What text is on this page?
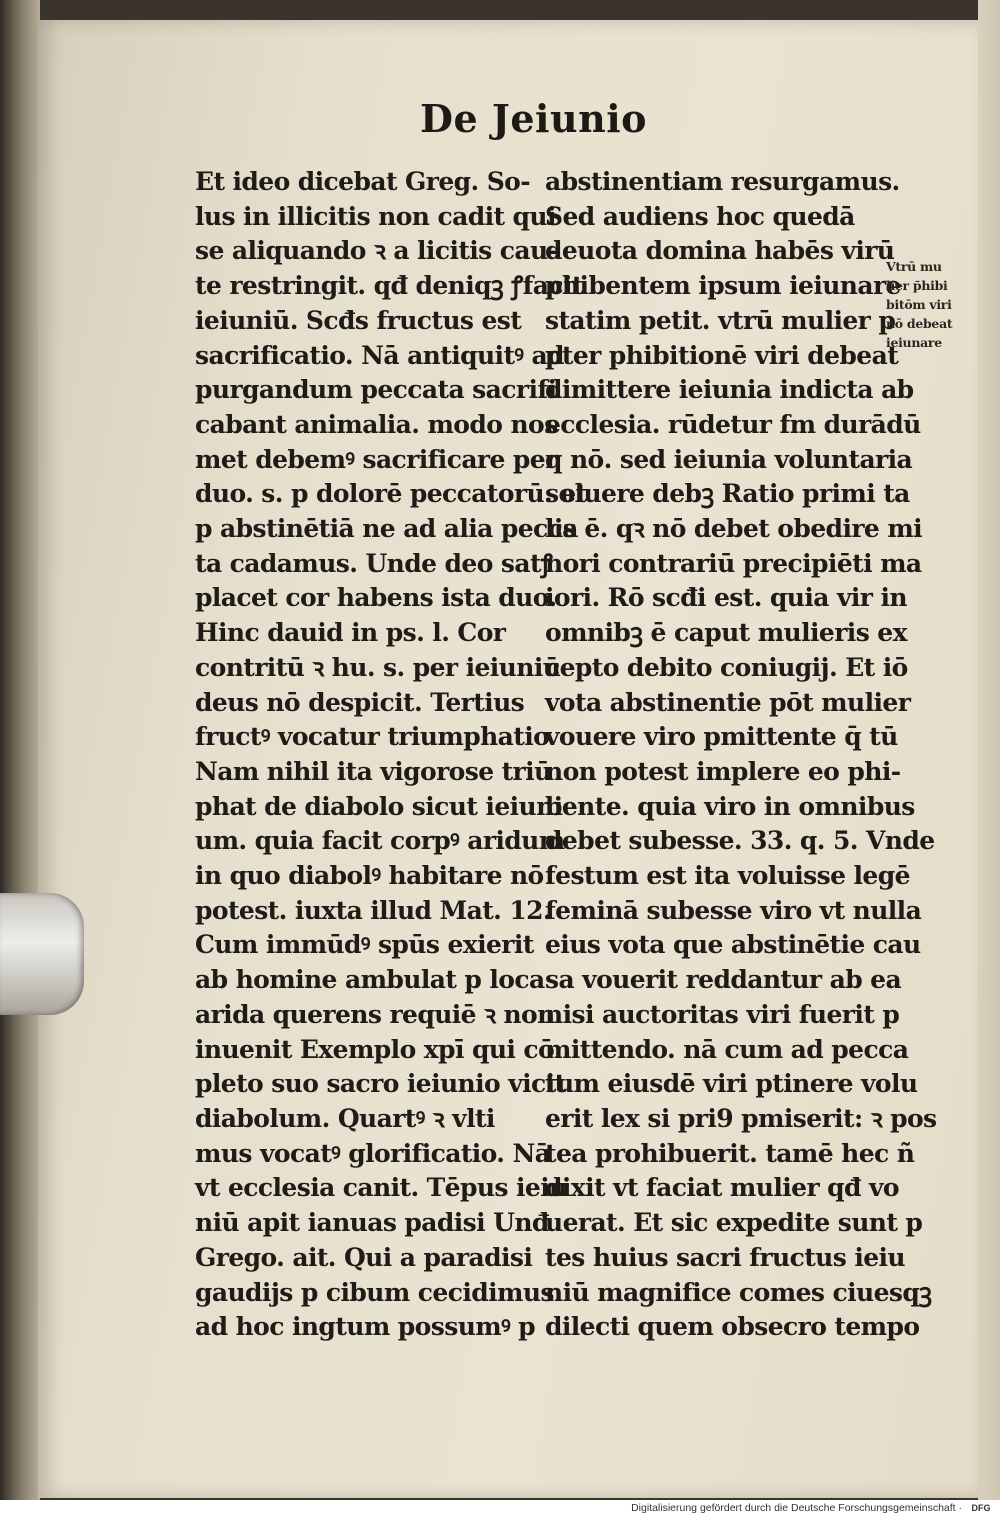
De Jeiunio
Et ideo dicebat Greg. So‑
lus in illicitis non cadit qui
se aliquando ꝛ a licitis cau‑
te restringit. qđ deniqꝫ ꝭfacit
ieiuniū. Scđs fructus est
sacrificatio. Nā antiquitꝰ ad
purgandum peccata sacrifi
cabant animalia. modo nos
met debemꝰ sacrificare per
duo. s. p dolorē peccatorū. et
p abstinētiā ne ad alia pecca
ta cadamus. Unde deo satꝭ
placet cor habens ista duo.
Hinc dauid in ps. l. Cor
contritū ꝛ hu. s. per ieiuniū
deus nō despicit. Tertius
fructꝰ vocatur triumphatio
Nam nihil ita vigorose triū
phat de diabolo sicut ieiuni
um. quia facit corpꝰ aridum
in quo diabolꝰ habitare nō
potest. iuxta illud Mat. 12.
Cum immūdꝰ spūs exierit
ab homine ambulat p loca
arida querens requiē ꝛ non
inuenit Exemplo xpī qui cō
pleto suo sacro ieiunio vicit
diabolum. Quartꝰ ꝛ vlti
mus vocatꝰ glorificatio. Nā
vt ecclesia canit. Tēpus ieiu
niū apit ianuas padisi Unđ
Grego. ait. Qui a paradisi
gaudijs p cibum cecidimus
ad hoc ingtum possumꝰ p
abstinentiam resurgamus.
Sed audiens hoc quedā
deuota domina habēs virū
phibentem ipsum ieiunare
statim petit. vtrū mulier p
pter phibitionē viri debeat
dimittere ieiunia indicta ab
ecclesia. rūdetur fm durādū
q nō. sed ieiunia voluntaria
soluere debꝫ Ratio primi ta
lis ē. qꝛ nō debet obedire mi
nori contrariū precipiēti ma
iori. Rō scđi est. quia vir in
omnibꝫ ē caput mulieris ex
cepto debito coniugij. Et iō
vota abstinentie pōt mulier
vouere viro pmittente q̄ tū
non potest implere eo phi‑
bente. quia viro in omnibus
debet subesse. 33. q. 5. Vnde
festum est ita voluisse legē
feminā subesse viro vt nulla
eius vota que abstinētie cau
sa vouerit reddantur ab ea
nisi auctoritas viri fuerit p
mittendo. nā cum ad pecca
tum eiusdē viri ptinere volu
erit lex si pri9 pmiserit: ꝛ pos
tea prohibuerit. tamē hec ñ
dixit vt faciat mulier qđ vo
uerat. Et sic expedite sunt p
tes huius sacri fructus ieiu
niū magnifice comes ciuesqꝫ
dilecti quem obsecro tempo
Vtrū mu
lier p̄hibi
bitōm viri
nō debeat
ieiunare
Digitalisierung gefördert durch die Deutsche Forschungsgemeinschaft ·	DFG
